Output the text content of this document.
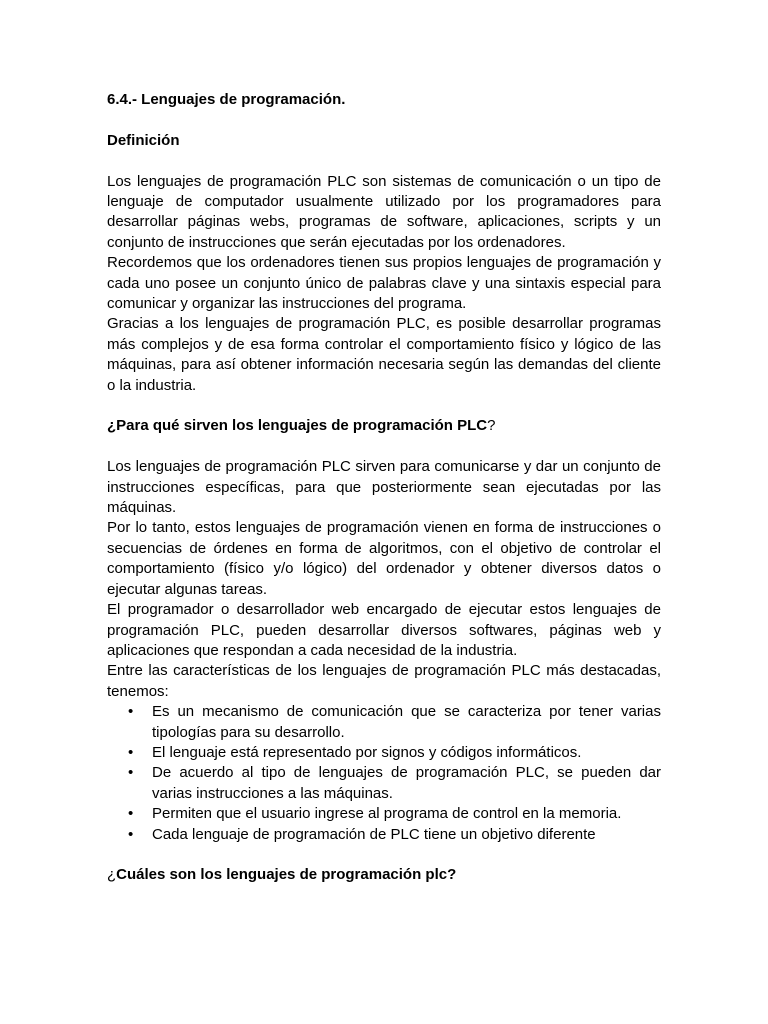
6.4.- Lenguajes de programación.

Definición

Los lenguajes de programación PLC son sistemas de comunicación o un tipo de lenguaje de computador usualmente utilizado por los programadores para desarrollar páginas webs, programas de software, aplicaciones, scripts y un conjunto de instrucciones que serán ejecutadas por los ordenadores.

Recordemos que los ordenadores tienen sus propios lenguajes de programación y cada uno posee un conjunto único de palabras clave y una sintaxis especial para comunicar y organizar las instrucciones del programa.

Gracias a los lenguajes de programación PLC, es posible desarrollar programas más complejos y de esa forma controlar el comportamiento físico y lógico de las máquinas, para así obtener información necesaria según las demandas del cliente o la industria.

¿Para qué sirven los lenguajes de programación PLC?

Los lenguajes de programación PLC sirven para comunicarse y dar un conjunto de instrucciones específicas, para que posteriormente sean ejecutadas por las máquinas.

Por lo tanto, estos lenguajes de programación vienen en forma de instrucciones o secuencias de órdenes en forma de algoritmos, con el objetivo de controlar el comportamiento (físico y/o lógico) del ordenador y obtener diversos datos o ejecutar algunas tareas.

El programador o desarrollador web encargado de ejecutar estos lenguajes de programación PLC, pueden desarrollar diversos softwares, páginas web y aplicaciones que respondan a cada necesidad de la industria.

Entre las características de los lenguajes de programación PLC más destacadas, tenemos:

• Es un mecanismo de comunicación que se caracteriza por tener varias tipologías para su desarrollo.
• El lenguaje está representado por signos y códigos informáticos.
• De acuerdo al tipo de lenguajes de programación PLC, se pueden dar varias instrucciones a las máquinas.
• Permiten que el usuario ingrese al programa de control en la memoria.
• Cada lenguaje de programación de PLC tiene un objetivo diferente

¿Cuáles son los lenguajes de programación plc?
